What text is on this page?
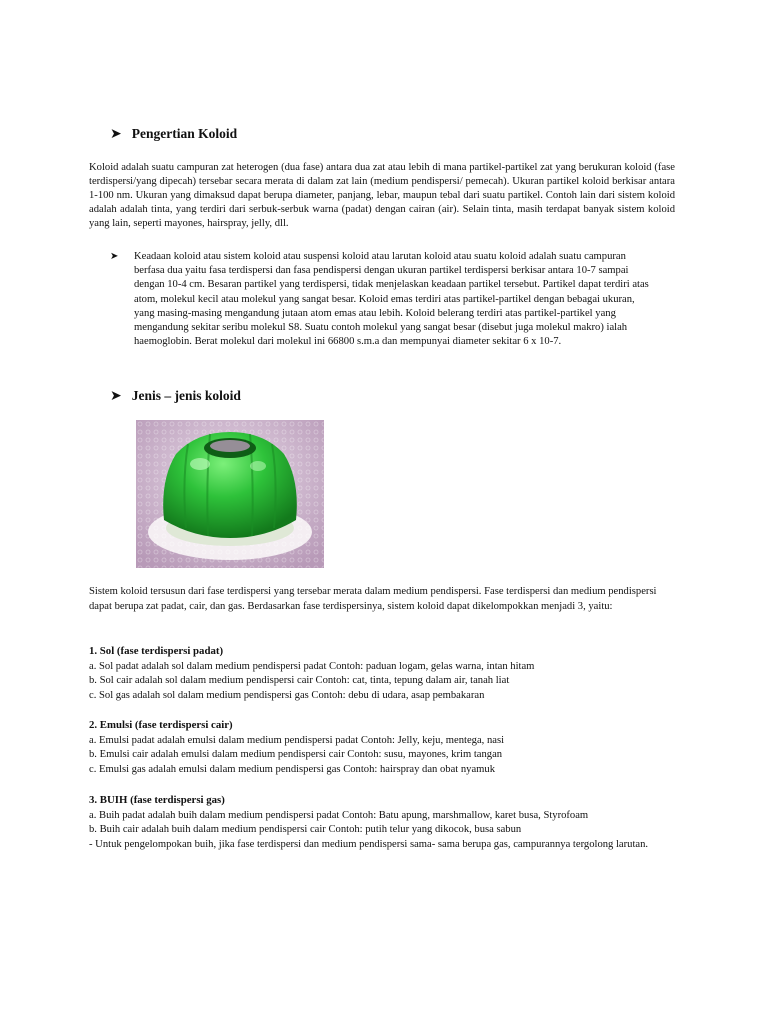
➤ Pengertian Koloid
Koloid adalah suatu campuran zat heterogen (dua fase) antara dua zat atau lebih di mana partikel-partikel zat yang berukuran koloid (fase terdispersi/yang dipecah) tersebar secara merata di dalam zat lain (medium pendispersi/ pemecah). Ukuran partikel koloid berkisar antara 1-100 nm. Ukuran yang dimaksud dapat berupa diameter, panjang, lebar, maupun tebal dari suatu partikel. Contoh lain dari sistem koloid adalah adalah tinta, yang terdiri dari serbuk-serbuk warna (padat) dengan cairan (air). Selain tinta, masih terdapat banyak sistem koloid yang lain, seperti mayones, hairspray, jelly, dll.
➤	Keadaan koloid atau sistem koloid atau suspensi koloid atau larutan koloid atau suatu koloid adalah suatu campuran berfasa dua yaitu fasa terdispersi dan fasa pendispersi dengan ukuran partikel terdispersi berkisar antara 10-7 sampai dengan 10-4 cm. Besaran partikel yang terdispersi, tidak menjelaskan keadaan partikel tersebut. Partikel dapat terdiri atas atom, molekul kecil atau molekul yang sangat besar. Koloid emas terdiri atas partikel-partikel dengan bebagai ukuran, yang masing-masing mengandung jutaan atom emas atau lebih. Koloid belerang terdiri atas partikel-partikel yang mengandung sekitar seribu molekul S8. Suatu contoh molekul yang sangat besar (disebut juga molekul makro) ialah haemoglobin. Berat molekul dari molekul ini 66800 s.m.a dan mempunyai diameter sekitar 6 x 10-7.
➤ Jenis – jenis koloid
Sistem koloid tersusun dari fase terdispersi yang tersebar merata dalam medium pendispersi. Fase terdispersi dan medium pendispersi dapat berupa zat padat, cair, dan gas. Berdasarkan fase terdispersinya, sistem koloid dapat dikelompokkan menjadi 3, yaitu:
1. Sol (fase terdispersi padat)
a. Sol padat adalah sol dalam medium pendispersi padat Contoh: paduan logam, gelas warna, intan hitam
b. Sol cair adalah sol dalam medium pendispersi cair Contoh: cat, tinta, tepung dalam air, tanah liat
c. Sol gas adalah sol dalam medium pendispersi gas Contoh: debu di udara, asap pembakaran
2. Emulsi (fase terdispersi cair)
a. Emulsi padat adalah emulsi dalam medium pendispersi padat Contoh: Jelly, keju, mentega, nasi
b. Emulsi cair adalah emulsi dalam medium pendispersi cair Contoh: susu, mayones, krim tangan
c. Emulsi gas adalah emulsi dalam medium pendispersi gas Contoh: hairspray dan obat nyamuk
3. BUIH (fase terdispersi gas)
a. Buih padat adalah buih dalam medium pendispersi padat Contoh: Batu apung, marshmallow, karet busa, Styrofoam
b. Buih cair adalah buih dalam medium pendispersi cair Contoh: putih telur yang dikocok, busa sabun
- Untuk pengelompokan buih, jika fase terdispersi dan medium pendispersi sama- sama berupa gas, campurannya tergolong larutan.
